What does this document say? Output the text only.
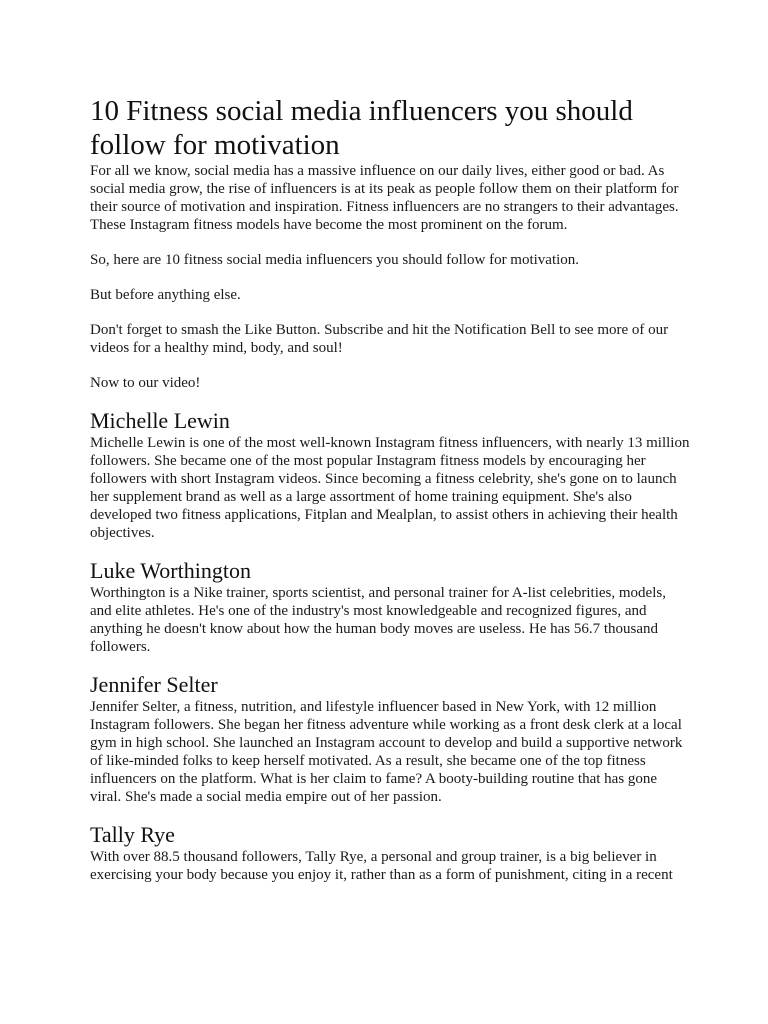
10 Fitness social media influencers you should follow for motivation

For all we know, social media has a massive influence on our daily lives, either good or bad. As social media grow, the rise of influencers is at its peak as people follow them on their platform for their source of motivation and inspiration. Fitness influencers are no strangers to their advantages. These Instagram fitness models have become the most prominent on the forum.

So, here are 10 fitness social media influencers you should follow for motivation.

But before anything else.

Don't forget to smash the Like Button. Subscribe and hit the Notification Bell to see more of our videos for a healthy mind, body, and soul!

Now to our video!

Michelle Lewin

Michelle Lewin is one of the most well-known Instagram fitness influencers, with nearly 13 million followers. She became one of the most popular Instagram fitness models by encouraging her followers with short Instagram videos. Since becoming a fitness celebrity, she's gone on to launch her supplement brand as well as a large assortment of home training equipment. She's also developed two fitness applications, Fitplan and Mealplan, to assist others in achieving their health objectives.

Luke Worthington

Worthington is a Nike trainer, sports scientist, and personal trainer for A-list celebrities, models, and elite athletes. He's one of the industry's most knowledgeable and recognized figures, and anything he doesn't know about how the human body moves are useless. He has 56.7 thousand followers.

Jennifer Selter

Jennifer Selter, a fitness, nutrition, and lifestyle influencer based in New York, with 12 million Instagram followers. She began her fitness adventure while working as a front desk clerk at a local gym in high school. She launched an Instagram account to develop and build a supportive network of like-minded folks to keep herself motivated. As a result, she became one of the top fitness influencers on the platform. What is her claim to fame? A booty-building routine that has gone viral. She's made a social media empire out of her passion.

Tally Rye

With over 88.5 thousand followers, Tally Rye, a personal and group trainer, is a big believer in exercising your body because you enjoy it, rather than as a form of punishment, citing in a recent
